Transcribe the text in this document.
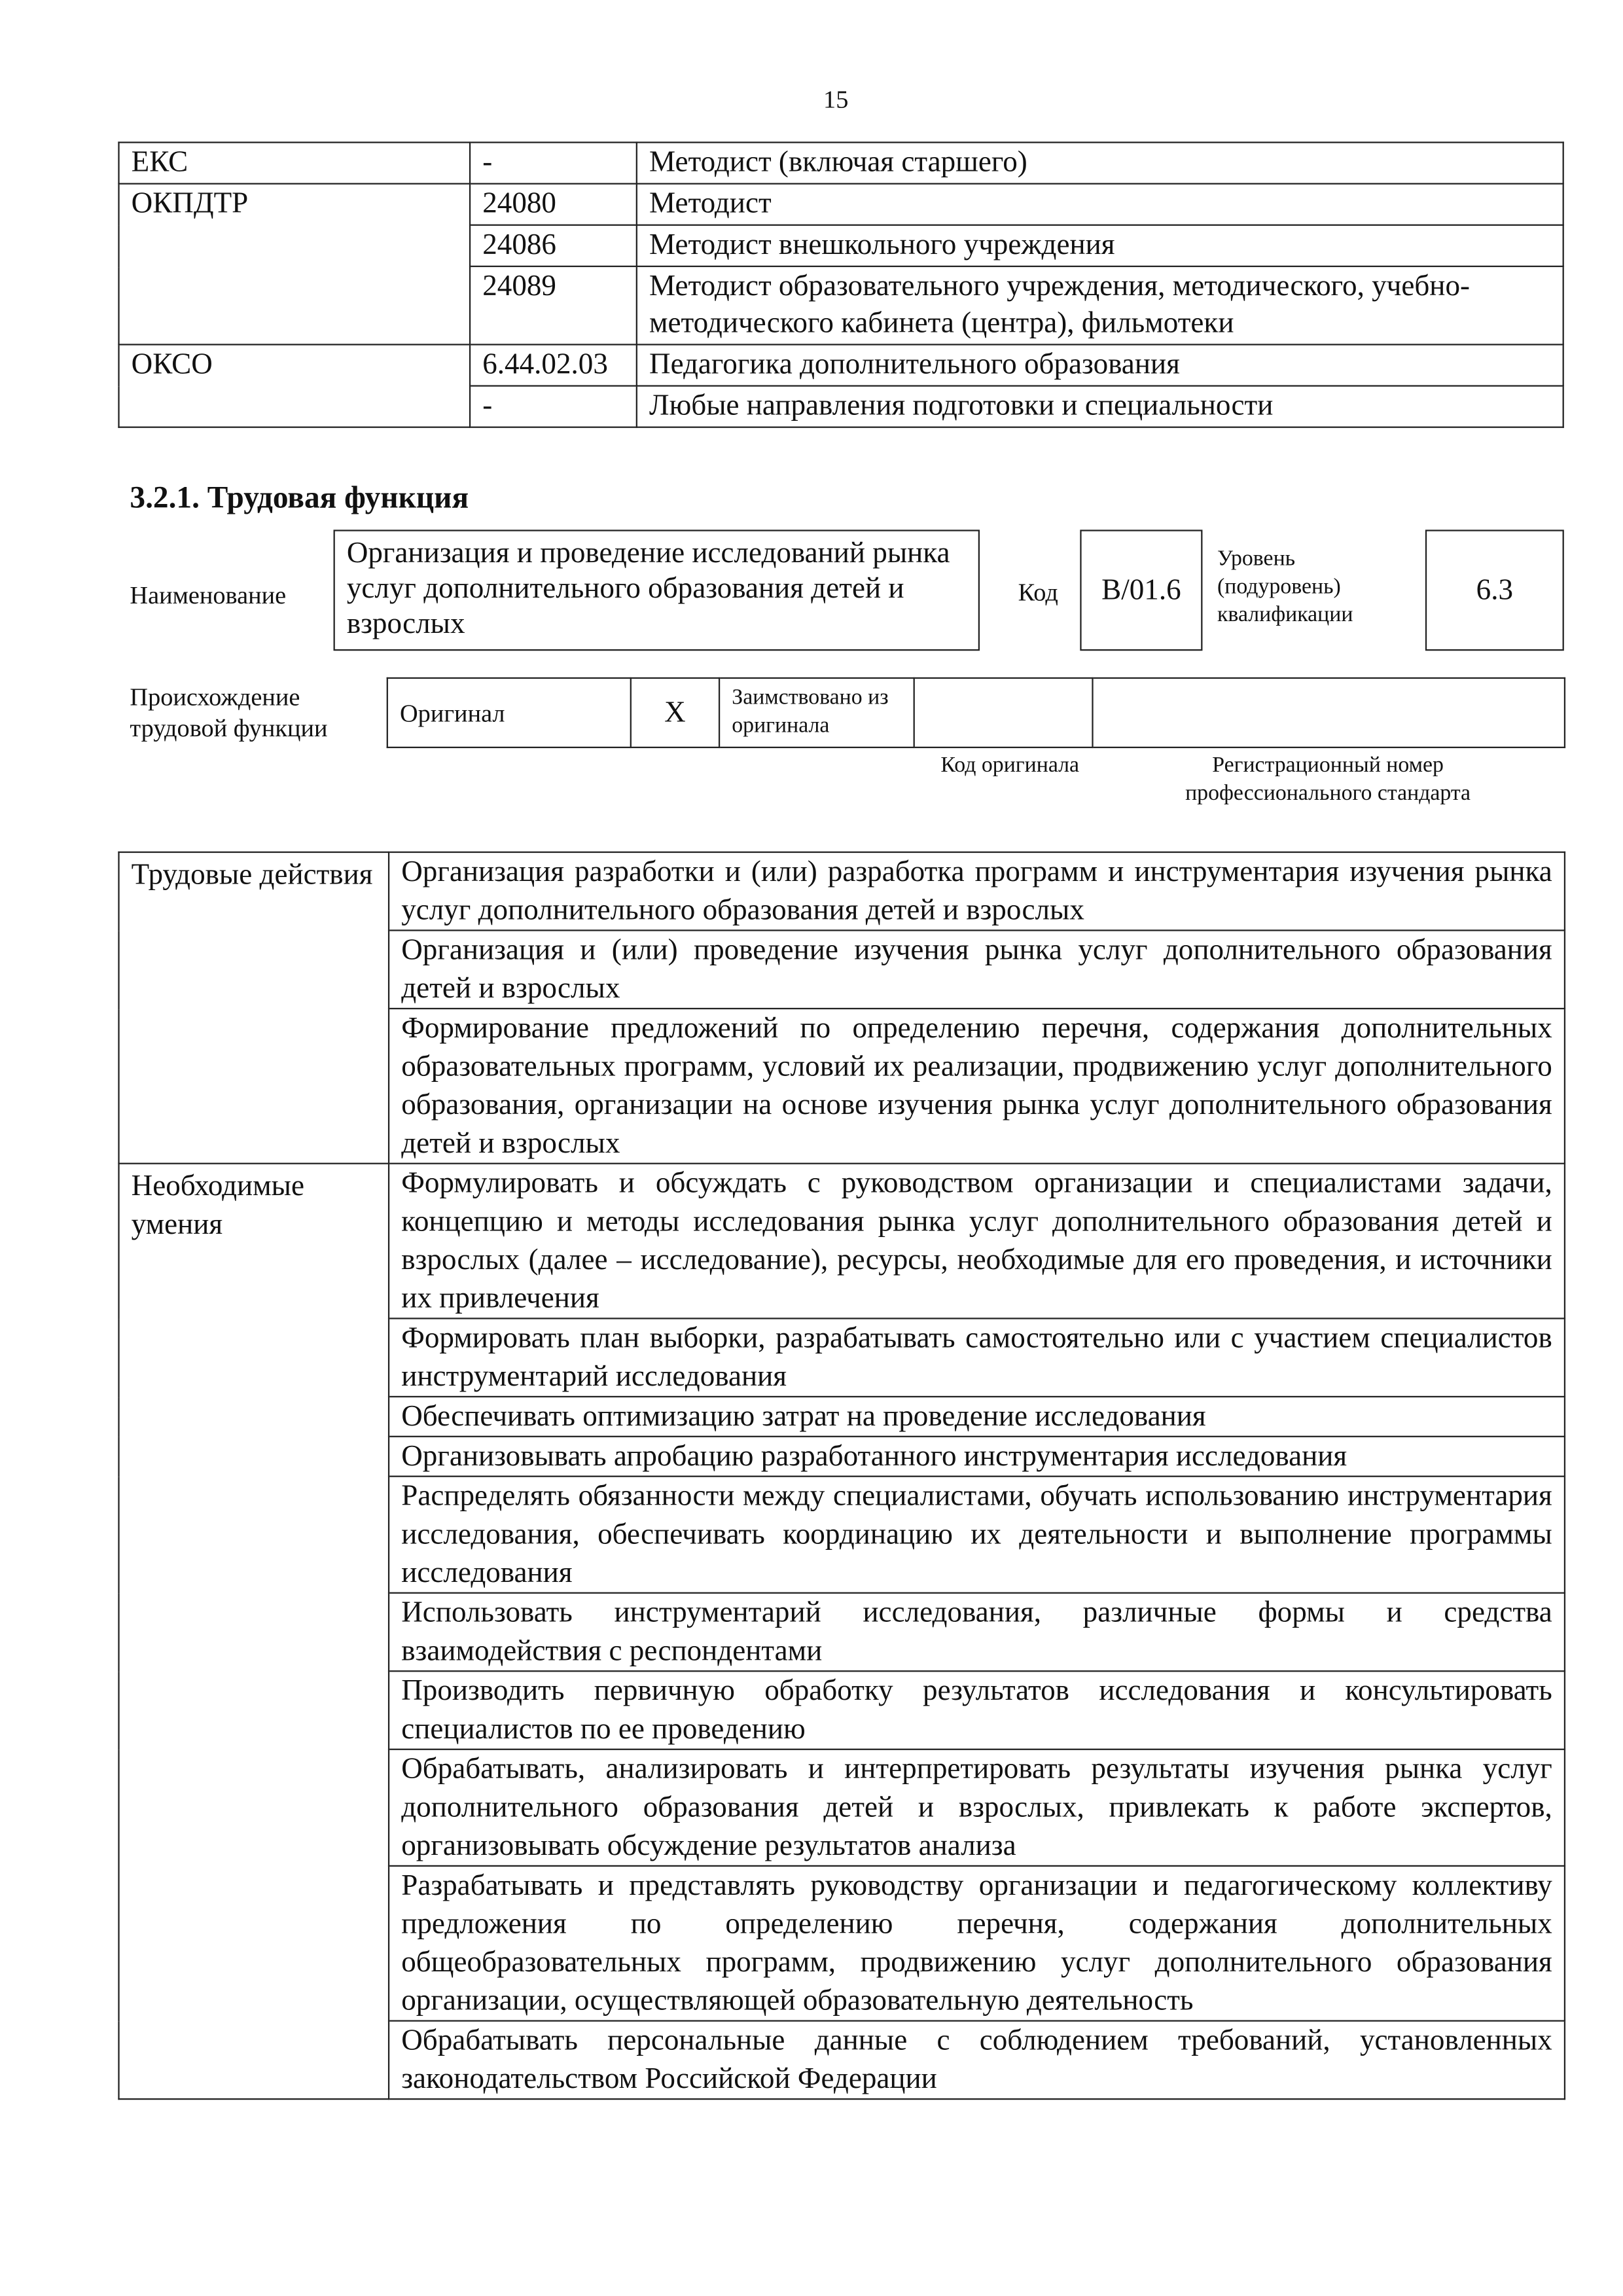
15
ЕКС	-	Методист (включая старшего)
ОКПДТР	24080	Методист
	24086	Методист внешкольного учреждения
	24089	Методист образовательного учреждения, методического, учебно-методического кабинета (центра), фильмотеки
ОКСО	6.44.02.03	Педагогика дополнительного образования
	-	Любые направления подготовки и специальности
3.2.1. Трудовая функция
Наименование
Организация и проведение исследований рынка услуг дополнительного образования детей и взрослых
Код	B/01.6
Уровень (подуровень) квалификации
6.3
Происхождение трудовой функции
Оригинал	X	Заимствовано из оригинала		
Код оригинала	Регистрационный номер профессионального стандарта
Трудовые действия	Организация разработки и (или) разработка программ и инструментария изучения рынка услуг дополнительного образования детей и взрослых
	Организация и (или) проведение изучения рынка услуг дополнительного образования детей и взрослых
	Формирование предложений по определению перечня, содержания дополнительных образовательных программ, условий их реализации, продвижению услуг дополнительного образования, организации на основе изучения рынка услуг дополнительного образования детей и взрослых
Необходимые умения	Формулировать и обсуждать с руководством организации и специалистами задачи, концепцию и методы исследования рынка услуг дополнительного образования детей и взрослых (далее – исследование), ресурсы, необходимые для его проведения, и источники их привлечения
	Формировать план выборки, разрабатывать самостоятельно или с участием специалистов инструментарий исследования
	Обеспечивать оптимизацию затрат на проведение исследования
	Организовывать апробацию разработанного инструментария исследования
	Распределять обязанности между специалистами, обучать использованию инструментария исследования, обеспечивать координацию их деятельности и выполнение программы исследования
	Использовать инструментарий исследования, различные формы и средства взаимодействия с респондентами
	Производить первичную обработку результатов исследования и консультировать специалистов по ее проведению
	Обрабатывать, анализировать и интерпретировать результаты изучения рынка услуг дополнительного образования детей и взрослых, привлекать к работе экспертов, организовывать обсуждение результатов анализа
	Разрабатывать и представлять руководству организации и педагогическому коллективу предложения по определению перечня, содержания дополнительных общеобразовательных программ, продвижению услуг дополнительного образования организации, осуществляющей образовательную деятельность
	Обрабатывать персональные данные с соблюдением требований, установленных законодательством Российской Федерации
